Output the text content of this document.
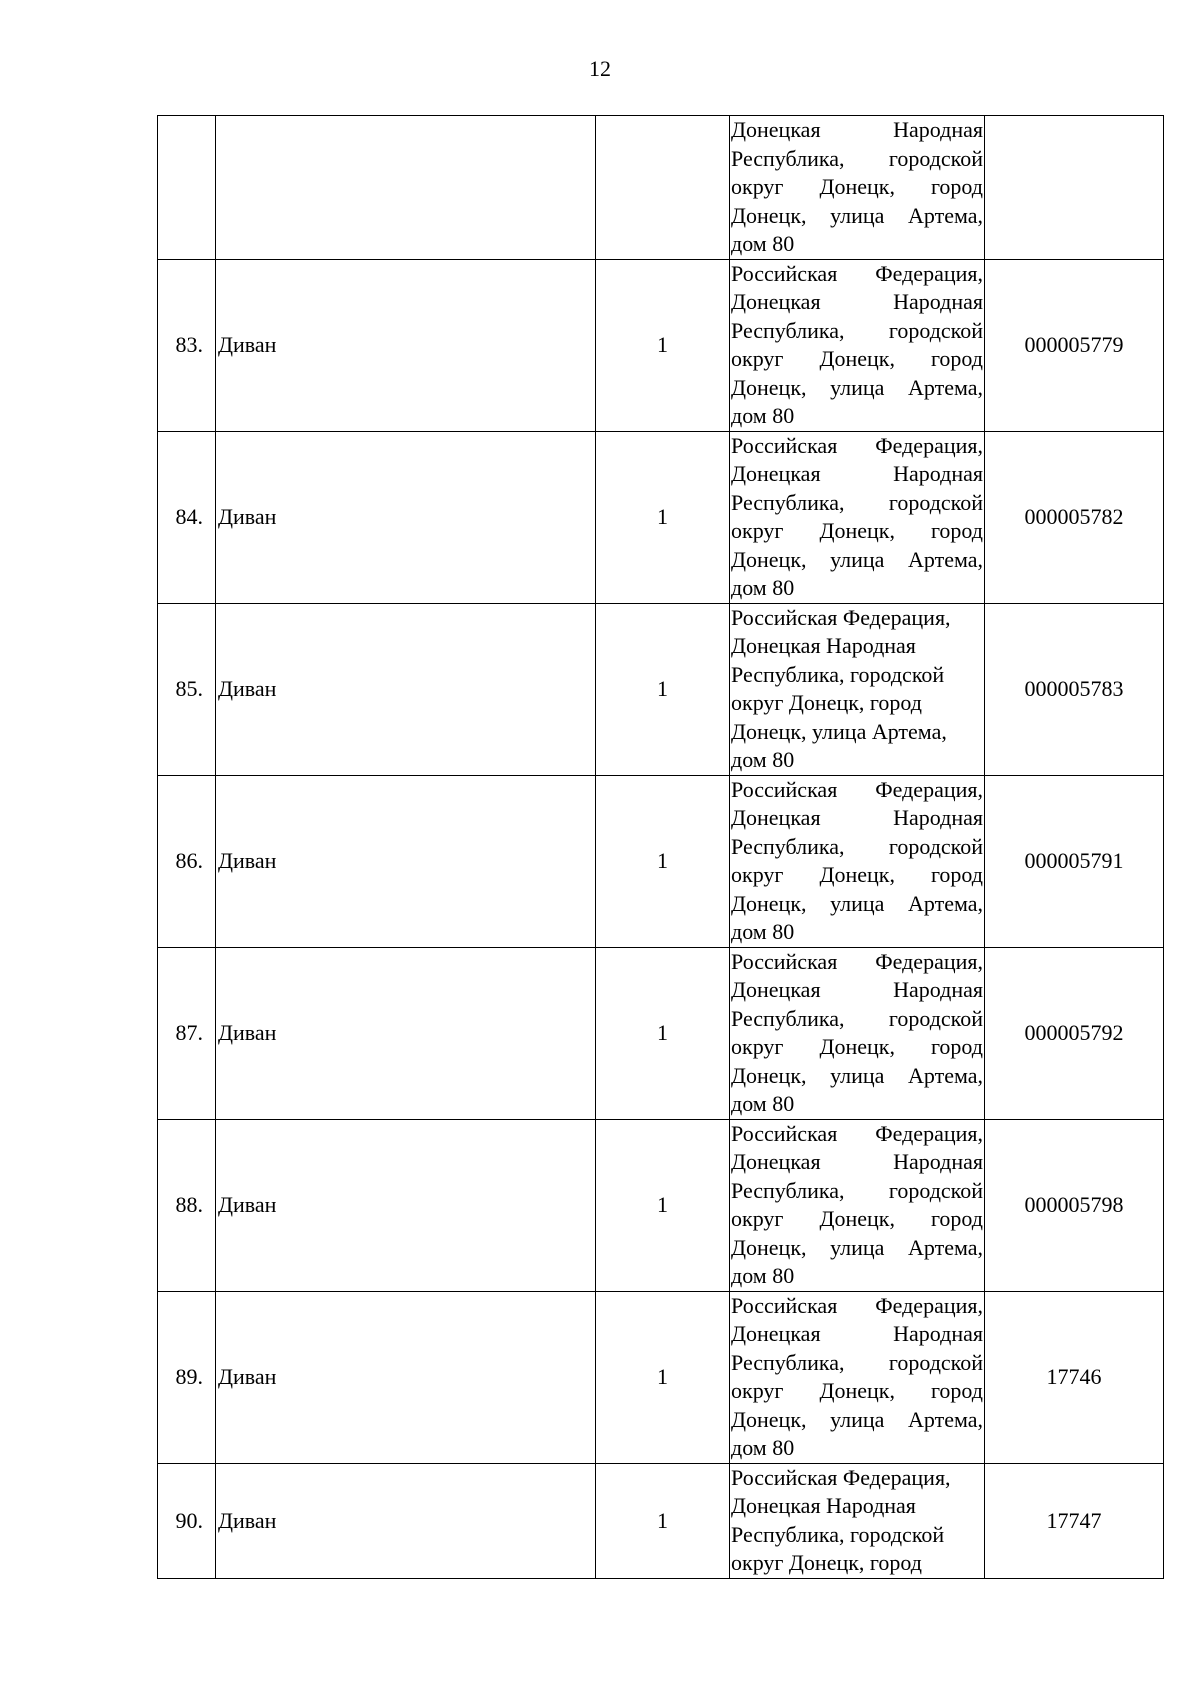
12

			Донецкая Народная Республика, городской округ Донецк, город Донецк, улица Артема, дом 80	

83.	Диван	1	Российская Федерация, Донецкая Народная Республика, городской округ Донецк, город Донецк, улица Артема, дом 80	000005779
84.	Диван	1	Российская Федерация, Донецкая Народная Республика, городской округ Донецк, город Донецк, улица Артема, дом 80	000005782
85.	Диван	1	Российская Федерация, Донецкая Народная Республика, городской округ Донецк, город Донецк, улица Артема, дом 80	000005783
86.	Диван	1	Российская Федерация, Донецкая Народная Республика, городской округ Донецк, город Донецк, улица Артема, дом 80	000005791
87.	Диван	1	Российская Федерация, Донецкая Народная Республика, городской округ Донецк, город Донецк, улица Артема, дом 80	000005792
88.	Диван	1	Российская Федерация, Донецкая Народная Республика, городской округ Донецк, город Донецк, улица Артема, дом 80	000005798
89.	Диван	1	Российская Федерация, Донецкая Народная Республика, городской округ Донецк, город Донецк, улица Артема, дом 80	17746
90.	Диван	1	Российская Федерация, Донецкая Народная Республика, городской округ Донецк, город	17747
